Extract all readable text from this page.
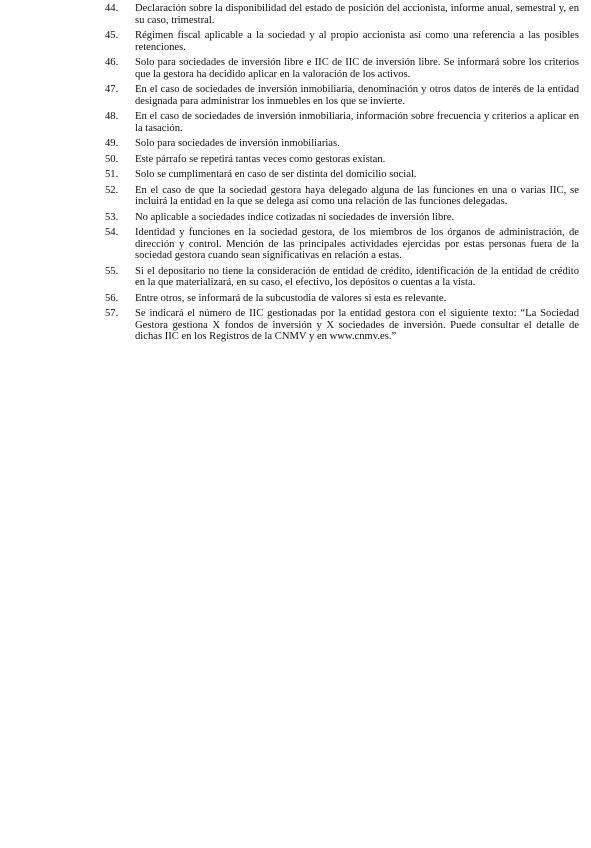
44.	Declaración sobre la disponibilidad del estado de posición del accionista, informe anual, semestral y, en su caso, trimestral.
45.	Régimen fiscal aplicable a la sociedad y al propio accionista así como una referencia a las posibles retenciones.
46.	Solo para sociedades de inversión libre e IIC de IIC de inversión libre. Se informará sobre los criterios que la gestora ha decidido aplicar en la valoración de los activos.
47.	En el caso de sociedades de inversión inmobiliaria, denominación y otros datos de interés de la entidad designada para administrar los inmuebles en los que se invierte.
48.	En el caso de sociedades de inversión inmobiliaria, información sobre frecuencia y criterios a aplicar en la tasación.
49.	Solo para sociedades de inversión inmobiliarias.
50.	Este párrafo se repetirá tantas veces como gestoras existan.
51.	Solo se cumplimentará en caso de ser distinta del domicilio social.
52.	En el caso de que la sociedad gestora haya delegado alguna de las funciones en una o varias IIC, se incluirá la entidad en la que se delega así como una relación de las funciones delegadas.
53.	No aplicable a sociedades índice cotizadas ni sociedades de inversión libre.
54.	Identidad y funciones en la sociedad gestora, de los miembros de los órganos de administración, de dirección y control. Mención de las principales actividades ejercidas por estas personas fuera de la sociedad gestora cuando sean significativas en relación a estas.
55.	Si el depositario no tiene la consideración de entidad de crédito, identificación de la entidad de crédito en la que materializará, en su caso, el efectivo, los depósitos o cuentas a la vista.
56.	Entre otros, se informará de la subcustodia de valores si esta es relevante.
57.	Se indicará el número de IIC gestionadas por la entidad gestora con el siguiente texto: “La Sociedad Gestora gestiona X fondos de inversión y X sociedades de inversión. Puede consultar el detalle de dichas IIC en los Registros de la CNMV y en www.cnmv.es.”
